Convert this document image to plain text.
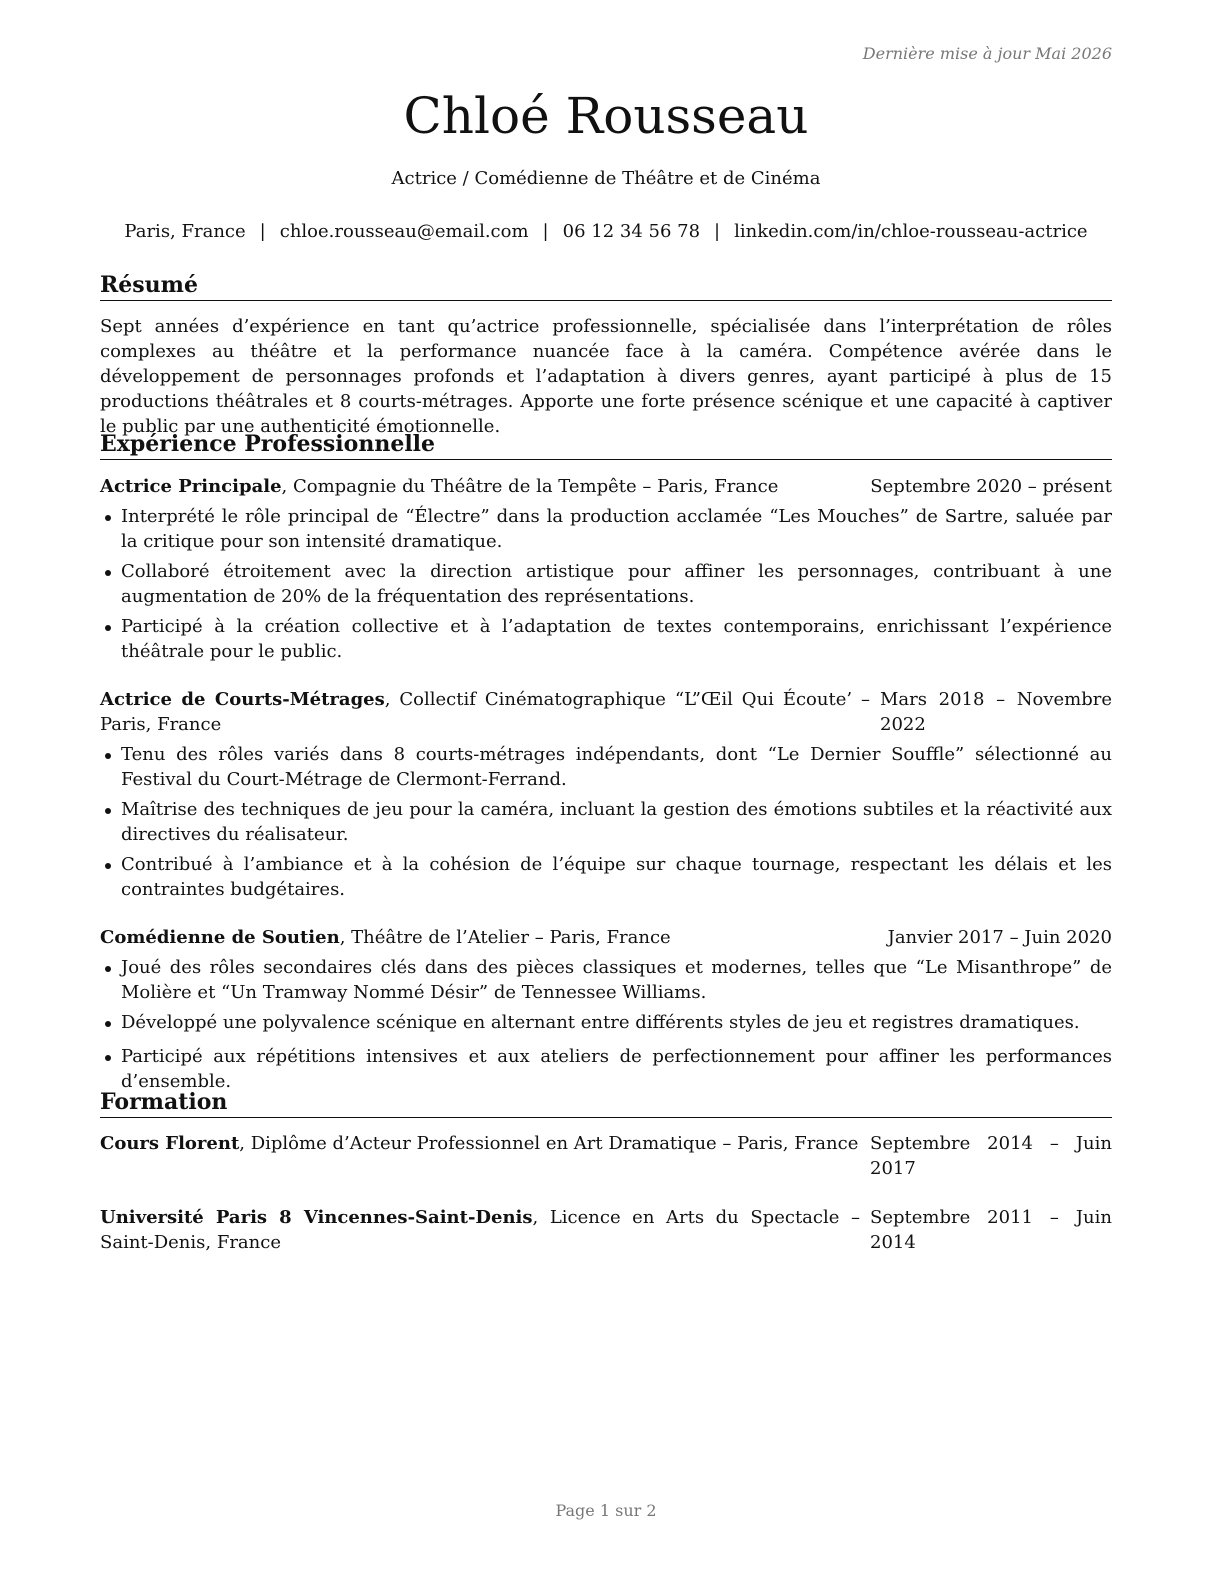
Dernière mise à jour Mai 2026
Chloé Rousseau
Actrice / Comédienne de Théâtre et de Cinéma
Paris, France | chloe.rousseau@email.com | 06 12 34 56 78 | linkedin.com/in/chloe-rousseau-actrice
Résumé

Sept années d’expérience en tant qu’actrice professionnelle, spécialisée dans l’interprétation de rôles complexes au théâtre et la performance nuancée face à la caméra. Compétence avérée dans le développement de personnages profonds et l’adaptation à divers genres, ayant participé à plus de 15 productions théâtrales et 8 courts-métrages. Apporte une forte présence scénique et une capacité à captiver le public par une authenticité émotionnelle.

Expérience Professionnelle
Actrice Principale, Compagnie du Théâtre de la Tempête – Paris, France	Septembre 2020 – présent
Interprété le rôle principal de “Électre” dans la production acclamée “Les Mouches” de Sartre, saluée par la critique pour son intensité dramatique.
Collaboré étroitement avec la direction artistique pour affiner les personnages, contribuant à une augmentation de 20% de la fréquentation des représentations.
Participé à la création collective et à l’adaptation de textes contemporains, enrichissant l’expérience théâtrale pour le public.
Actrice de Courts-Métrages, Collectif Cinématographique “L”Œil Qui Écoute’ – Paris, France
Mars 2018 – Novembre 2022
Tenu des rôles variés dans 8 courts-métrages indépendants, dont “Le Dernier Souffle” sélectionné au Festival du Court-Métrage de Clermont-Ferrand.
Maîtrise des techniques de jeu pour la caméra, incluant la gestion des émotions subtiles et la réactivité aux directives du réalisateur.
Contribué à l’ambiance et à la cohésion de l’équipe sur chaque tournage, respectant les délais et les contraintes budgétaires.
Comédienne de Soutien, Théâtre de l’Atelier – Paris, France	Janvier 2017 – Juin 2020
Joué des rôles secondaires clés dans des pièces classiques et modernes, telles que “Le Misanthrope” de Molière et “Un Tramway Nommé Désir” de Tennessee Williams.
Développé une polyvalence scénique en alternant entre différents styles de jeu et registres dramatiques.
Participé aux répétitions intensives et aux ateliers de perfectionnement pour affiner les performances d’ensemble.
Formation
Cours Florent, Diplôme d’Acteur Professionnel en Art Dramatique – Paris, France Septembre 2014 – Juin 2017
Université Paris 8 Vincennes-Saint-Denis, Licence en Arts du Spectacle – Saint-Denis, France
Septembre 2011 – Juin 2014
Page 1 sur 2
